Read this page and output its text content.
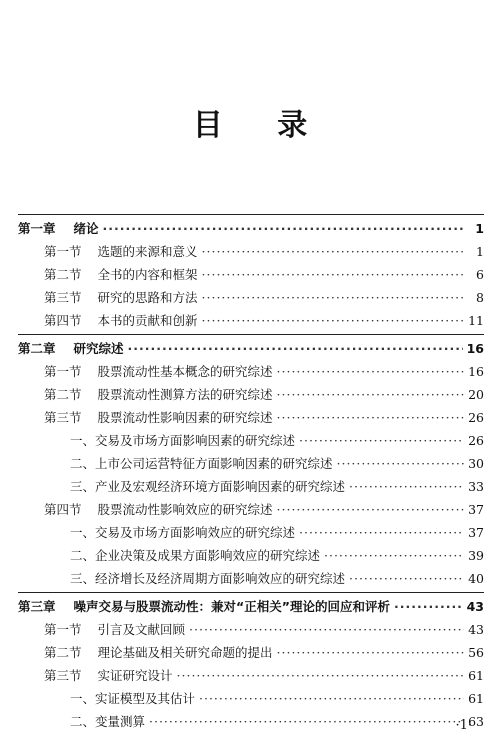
目 录
第一章 绪论 ·····	1
第一节 选题的来源和意义 ·····	1
第二节 全书的内容和框架 ·····	6
第三节 研究的思路和方法 ·····	8
第四节 本书的贡献和创新 ·····	11
第二章 研究综述 ·····	16
第一节 股票流动性基本概念的研究综述 ·····	16
第二节 股票流动性测算方法的研究综述 ·····	20
第三节 股票流动性影响因素的研究综述 ·····	26
一、交易及市场方面影响因素的研究综述 ·····	26
二、上市公司运营特征方面影响因素的研究综述 ·····	30
三、产业及宏观经济环境方面影响因素的研究综述 ·····	33
第四节 股票流动性影响效应的研究综述 ·····	37
一、交易及市场方面影响效应的研究综述 ·····	37
二、企业决策及成果方面影响效应的研究综述 ·····	39
三、经济增长及经济周期方面影响效应的研究综述 ·····	40
第三章 噪声交易与股票流动性：兼对“正相关”理论的回应和评析 ·····	43
第一节 引言及文献回顾 ·····	43
第二节 理论基础及相关研究命题的提出 ·····	56
第三节 实证研究设计 ·····	61
一、实证模型及其估计 ·····	61
二、变量测算 ·····	63
·1·
